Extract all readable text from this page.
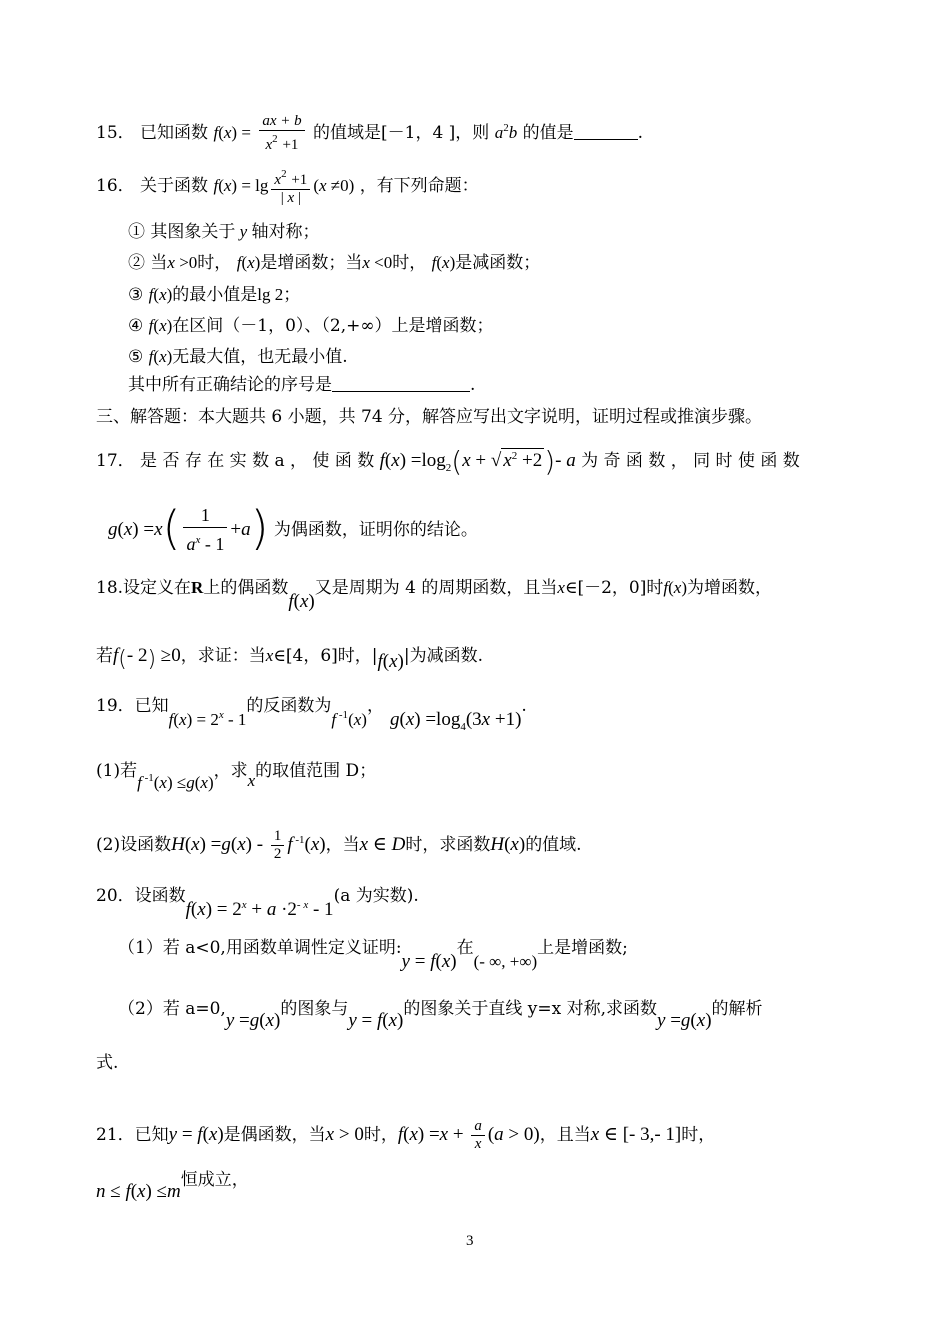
15． 已知函数 $f(x) = \frac{ax + b}{x^2 +1}$ 的值域是[－1，4 ]，则 $a^2b$ 的值是	.
16． 关于函数 $f(x) = \lg \frac{x^2 +1}{| x |} (x \ne 0)$ ，有下列命题：
① 其图象关于 y 轴对称；
② 当x >0时， f(x)是增函数；当x <0时， f(x)是减函数；
③ f(x)的最小值是lg 2；
④ f(x)在区间（－1，0）、（2,+∞）上是增函数；
⑤ f(x)无最大值，也无最小值.
其中所有正确结论的序号是	.
三、解答题：本大题共 6 小题，共 74 分，解答应写出文字说明，证明过程或推演步骤。
17． 是 否 存 在 实 数 a ， 使 函 数 $f(x) =\log_2(x$ + √ $x^2 +2)-$ a 为 奇 函 数 ， 同 时 使 函 数
$g(x) =x( \frac{1}{a^x - 1} +a)$ 为偶函数，证明你的结论。
18.设定义在R上的偶函数f(x)又是周期为 4 的周期函数，且当x∈[－2，0]时f(x)为增函数，
若f(- 2) ≥0，求证：当x∈[4，6]时，|f(x)|为减函数.
19．已知$f(x) = 2^x - 1$的反函数为f $^{-1}$(x)， $g(x) =\log_4(3x +1)$.
(1)若f $^{-1}$(x) ≤g(x)，求x的取值范围 D；
(2)设函数$H(x) =g(x) - \frac{1}{2}$ f $^{-1}$(x)，当x ∈ D时，求函数H(x)的值域.
20．设函数$f(x) = 2^x + a \cdot 2^-$ $^x$ - 1(a 为实数).
（1）若 a<0,用函数单调性定义证明:y = f(x)在(- ∞, +∞)上是增函数;
（2）若 a=0,y =g(x)的图象与y = f(x)的图象关于直线 y=x 对称,求函数y =g(x)的解析
式.
21．已知y = f(x)是偶函数，当x > 0时，$f(x) =x + \frac{a}{x} (a > 0)$，且当x ∈ [- 3,- 1]时，
n ≤ f(x) ≤m恒成立，
3
